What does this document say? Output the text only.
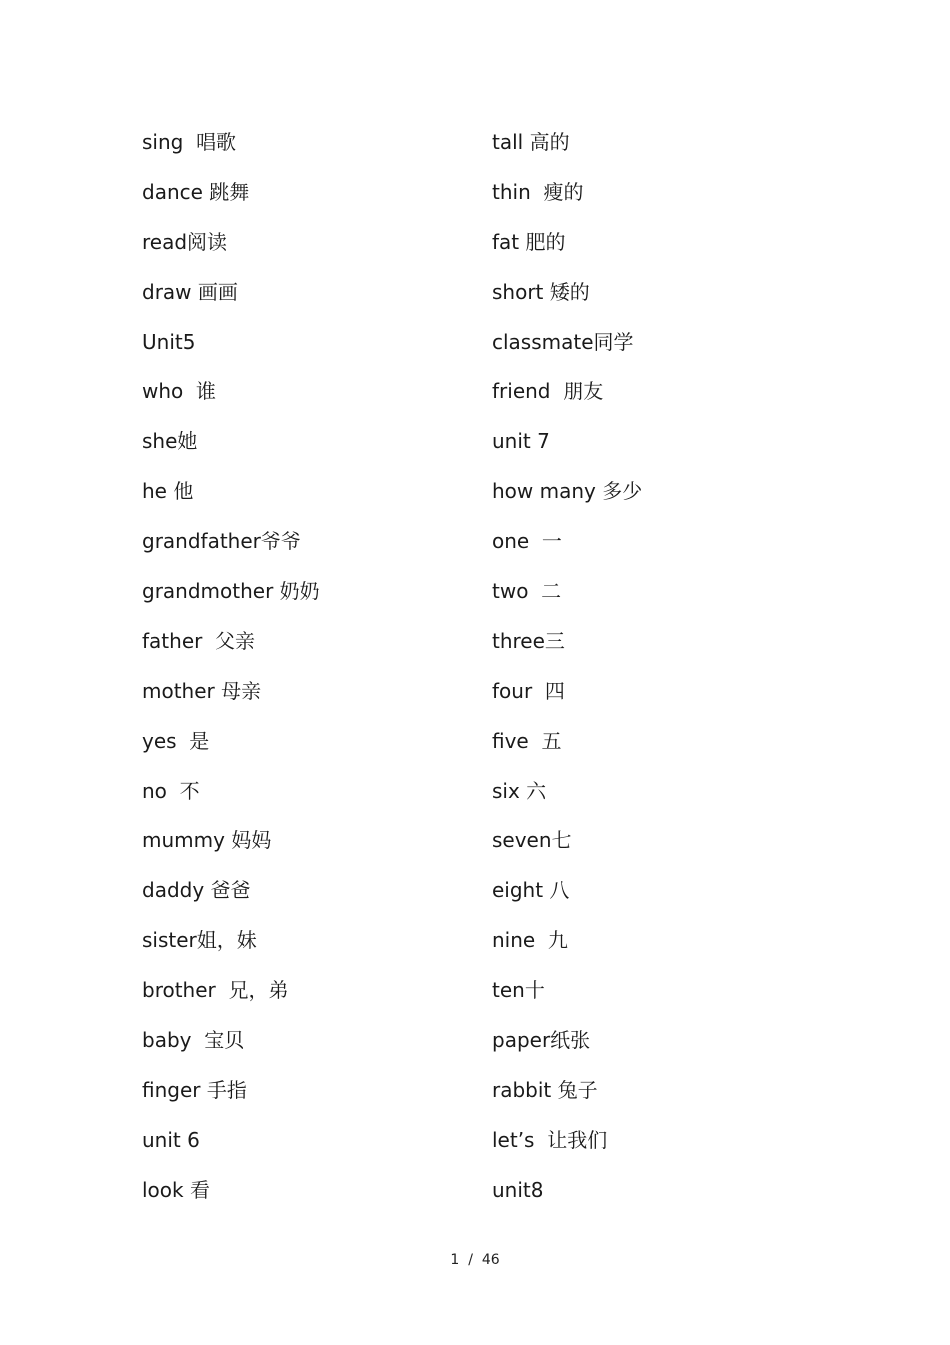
sing  唱歌
dance 跳舞
read阅读
draw 画画
Unit5
who  谁
she她
he 他
grandfather爷爷
grandmother 奶奶
father  父亲
mother 母亲
yes  是
no  不
mummy 妈妈
daddy 爸爸
sister姐，妹
brother  兄，弟
baby  宝贝
finger 手指
unit 6
look 看
tall 高的
thin  瘦的
fat 肥的
short 矮的
classmate同学
friend  朋友
unit 7
how many 多少
one  一
two  二
three三
four  四
five  五
six 六
seven七
eight 八
nine  九
ten十
paper纸张
rabbit 兔子
let’s  让我们
unit8
1 / 46
